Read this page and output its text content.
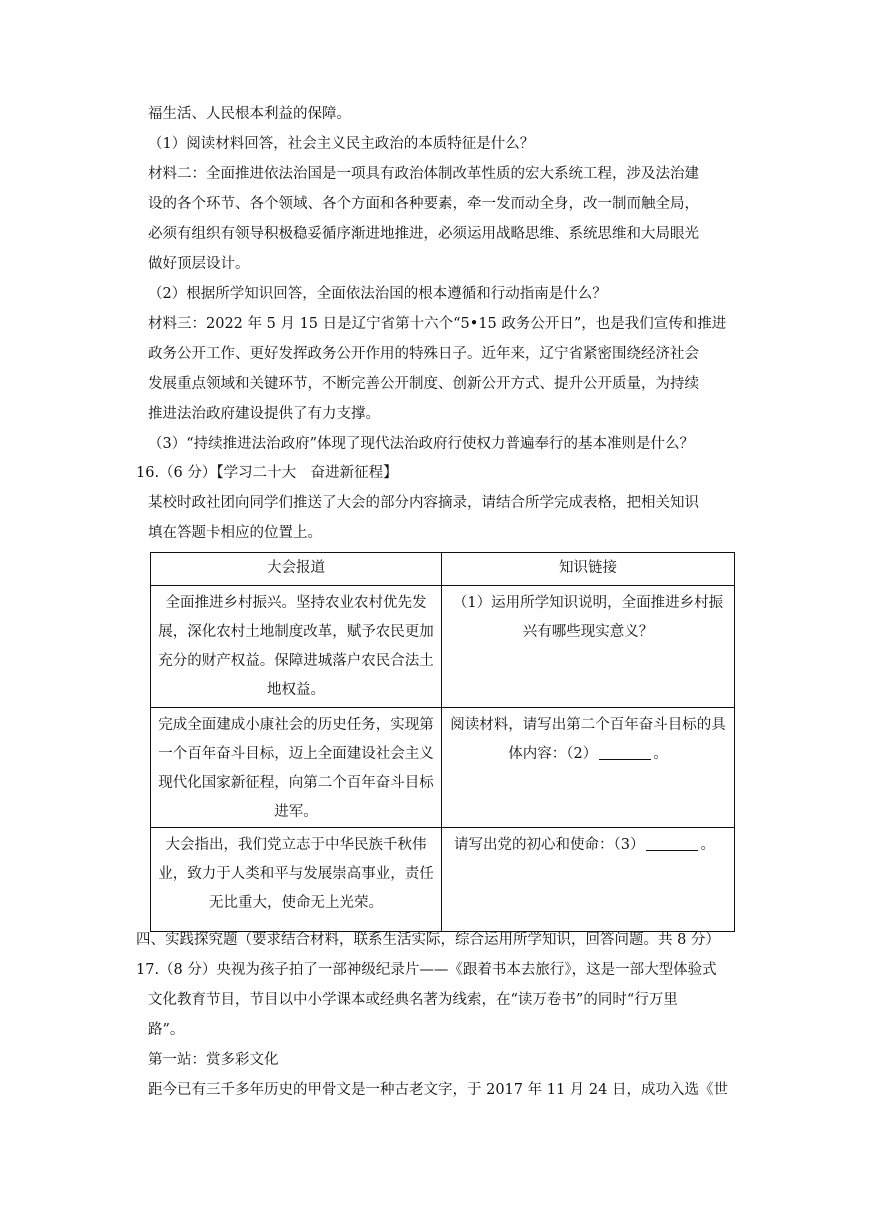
福生活、人民根本利益的保障。
（1）阅读材料回答，社会主义民主政治的本质特征是什么？
材料二：全面推进依法治国是一项具有政治体制改革性质的宏大系统工程，涉及法治建
设的各个环节、各个领域、各个方面和各种要素，牵一发而动全身，改一制而触全局，
必须有组织有领导积极稳妥循序渐进地推进，必须运用战略思维、系统思维和大局眼光
做好顶层设计。
（2）根据所学知识回答，全面依法治国的根本遵循和行动指南是什么？
材料三：2022 年 5 月 15 日是辽宁省第十六个“5•15 政务公开日”，也是我们宣传和推进
政务公开工作、更好发挥政务公开作用的特殊日子。近年来，辽宁省紧密围绕经济社会
发展重点领域和关键环节，不断完善公开制度、创新公开方式、提升公开质量，为持续
推进法治政府建设提供了有力支撑。
（3）“持续推进法治政府”体现了现代法治政府行使权力普遍奉行的基本准则是什么？
16.（6 分）【学习二十大　奋进新征程】
某校时政社团向同学们推送了大会的部分内容摘录，请结合所学完成表格，把相关知识
填在答题卡相应的位置上。
大会报道	知识链接
全面推进乡村振兴。坚持农业农村优先发展，深化农村土地制度改革，赋予农民更加充分的财产权益。保障进城落户农民合法土地权益。	（1）运用所学知识说明，全面推进乡村振兴有哪些现实意义？
完成全面建成小康社会的历史任务，实现第一个百年奋斗目标，迈上全面建设社会主义现代化国家新征程，向第二个百年奋斗目标进军。	阅读材料，请写出第二个百年奋斗目标的具体内容：（2） 。
大会指出，我们党立志于中华民族千秋伟业，致力于人类和平与发展崇高事业，责任无比重大，使命无上光荣。	请写出党的初心和使命：（3） 。
四、实践探究题（要求结合材料，联系生活实际，综合运用所学知识，回答问题。共 8 分）
17.（8 分）央视为孩子拍了一部神级纪录片——《跟着书本去旅行》，这是一部大型体验式
文化教育节目，节目以中小学课本或经典名著为线索，在“读万卷书”的同时“行万里
路”。
第一站：赏多彩文化
距今已有三千多年历史的甲骨文是一种古老文字，于 2017 年 11 月 24 日，成功入选《世
